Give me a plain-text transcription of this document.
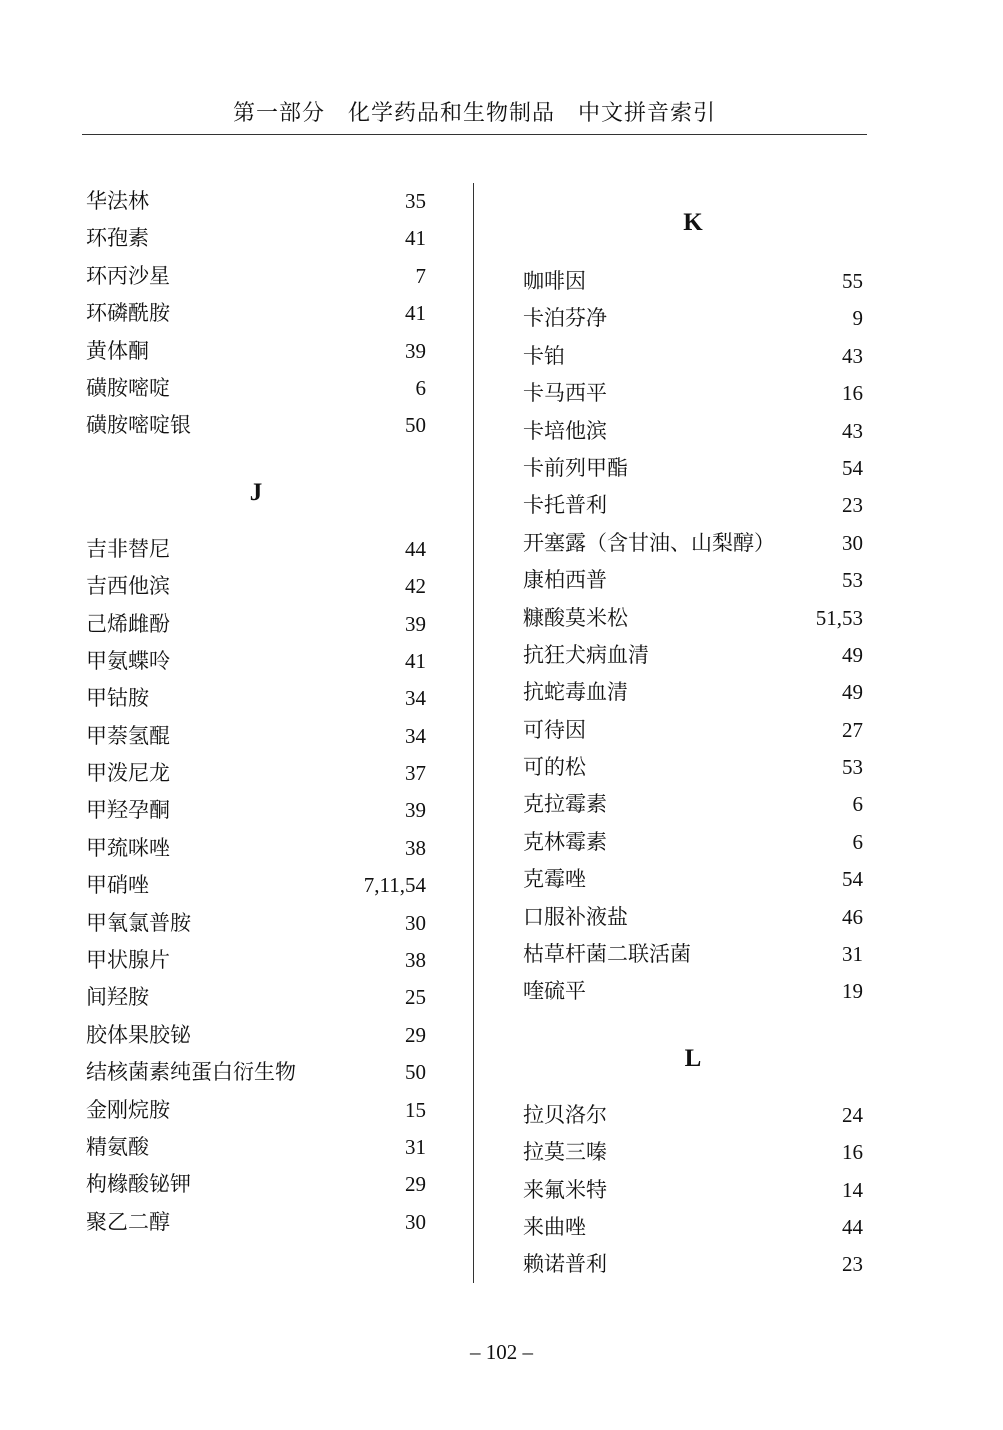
第一部分　化学药品和生物制品　中文拼音索引
华法林	35
环孢素	41
环丙沙星	7
环磷酰胺	41
黄体酮	39
磺胺嘧啶	6
磺胺嘧啶银	50
J
吉非替尼	44
吉西他滨	42
己烯雌酚	39
甲氨蝶呤	41
甲钴胺	34
甲萘氢醌	34
甲泼尼龙	37
甲羟孕酮	39
甲巯咪唑	38
甲硝唑	7,11,54
甲氧氯普胺	30
甲状腺片	38
间羟胺	25
胶体果胶铋	29
结核菌素纯蛋白衍生物	50
金刚烷胺	15
精氨酸	31
枸橼酸铋钾	29
聚乙二醇	30
K
咖啡因	55
卡泊芬净	9
卡铂	43
卡马西平	16
卡培他滨	43
卡前列甲酯	54
卡托普利	23
开塞露（含甘油、山梨醇）	30
康柏西普	53
糠酸莫米松	51,53
抗狂犬病血清	49
抗蛇毒血清	49
可待因	27
可的松	53
克拉霉素	6
克林霉素	6
克霉唑	54
口服补液盐	46
枯草杆菌二联活菌	31
喹硫平	19
L
拉贝洛尔	24
拉莫三嗪	16
来氟米特	14
来曲唑	44
赖诺普利	23
– 102 –
